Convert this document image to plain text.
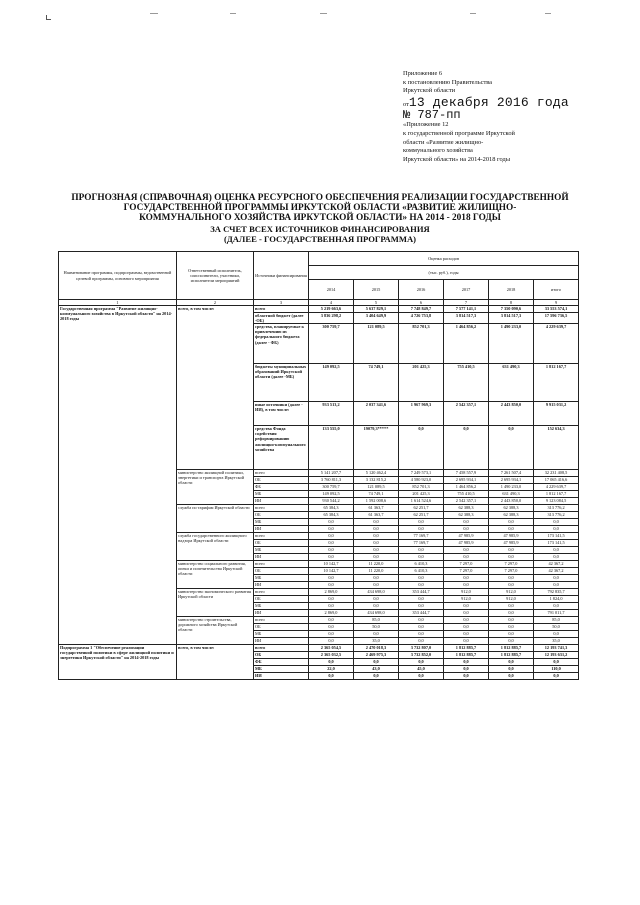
Приложение 6
к постановлению Правительства
Иркутской области
от13 декабря 2016 года
№ 787-пп
«Приложение 12
к государственной программе Иркутской
области «Развитие жилищно-
коммунального хозяйства
Иркутской области» на 2014-2018 годы
ПРОГНОЗНАЯ (СПРАВОЧНАЯ) ОЦЕНКА РЕСУРСНОГО ОБЕСПЕЧЕНИЯ РЕАЛИЗАЦИИ ГОСУДАРСТВЕННОЙ
ГОСУДАРСТВЕННОЙ ПРОГРАММЫ ИРКУТСКОЙ ОБЛАСТИ «РАЗВИТИЕ ЖИЛИЩНО-
КОММУНАЛЬНОГО ХОЗЯЙСТВА ИРКУТСКОЙ ОБЛАСТИ» НА 2014 - 2018 ГОДЫ
ЗА СЧЕТ ВСЕХ ИСТОЧНИКОВ ФИНАНСИРОВАНИЯ
(ДАЛЕЕ - ГОСУДАРСТВЕННАЯ ПРОГРАММА)
Наименование программы, подпрограммы, ведомственной целевой программы, основного мероприятия	Ответственный исполнитель, соисполнители, участники, исполнители мероприятий	Источники финансирования	Оценка расходов					
			(тыс. руб.), годы					
			2014	2015	2016	2017	2018	итого
1	2	3	4	5	6	7	8	9
Государственная программа "Развитие жилищно-коммунального хозяйства в Иркутской области" на 2014-2018 годы	всего, в том числе:	всего	5 219 663,6	5 637 829,1	7 748 849,7	7 577 141,1	7 350 090,6	33 553 574,1
		областной бюджет (далее -ОБ)	3 836 298,2	3 404 649,9	4 726 753,8	3 814 517,3	3 814 517,3	17 596 736,5
		средства, планируемые к привлечению из федерального бюджета (далее - ФБ)	300 759,7	121 089,5	852 701,3	1 464 856,2	1 490 233,0	4 229 639,7
		бюджеты муниципальных образований Иркутской области (далее -МБ)	149 092,5	74 749,1	201 425,3	755 410,5	631 490,3	1 812 167,7
		иные источники (далее - ИИ), в том числе:	933 513,2	2 037 341,6	1 967 969,3	2 542 357,1	2 443 850,0	9 915 031,2
		средства Фонда содействия реформированию жилищно-коммунального хозяйства	133 555,0	19079,3*****	0,0	0,0	0,0	152 634,3
	министерство жилищной политики, энергетики и транспорта Иркутской области	всего	5 141 207,7	5 120 462,4	7 249 573,1	7 458 557,9	7 261 507,4	32 231 408,5
		ОБ	3 760 811,3	3 132 815,2	4 580 923,0	2 695 934,1	2 695 934,1	17 065 416,6
		ФБ	300 759,7	121 089,5	852 701,3	1 464 856,2	1 490 233,0	4 229 639,7
		МБ	149 092,5	74 749,1	201 425,3	755 410,5	631 490,3	1 812 167,7
		ИИ	930 544,2	1 592 008,6	1 614 524,6	2 542 357,1	2 443 850,0	9 123 084,5
	служба по тарифам Иркутской области	всего	65 384,3	61 363,7	62 251,7	62 388,3	62 388,3	313 776,2
		ОБ	65 384,3	61 363,7	62 251,7	62 388,3	62 388,3	313 776,2
		МБ	0,0	0,0	0,0	0,0	0,0	0,0
		ИИ	0,0	0,0	0,0	0,0	0,0	0,0
	служба государственного жилищного надзора Иркутской области	всего	0,0	0,0	77 169,7	47 985,9	47 985,9	173 141,5
		ОБ	0,0	0,0	77 169,7	47 985,9	47 985,9	173 141,5
		МБ	0,0	0,0	0,0	0,0	0,0	0,0
		ИИ	0,0	0,0	0,0	0,0	0,0	0,0
	министерство социального развития, опеки и попечительства Иркутской области	всего	10 142,7	11 220,0	6 410,3	7 297,0	7 297,0	42 367,2
		ОБ	10 142,7	11 220,0	6 410,3	7 297,0	7 297,0	42 367,2
		МБ	0,0	0,0	0,0	0,0	0,0	0,0
		ИИ	0,0	0,0	0,0	0,0	0,0	0,0
	министерство экономического развития Иркутской области	всего	2 869,0	434 698,0	353 444,7	912,0	912,0	792 835,7
		ОБ	0,0	0,0	0,0	912,0	912,0	1 824,0
		МБ	0,0	0,0	0,0	0,0	0,0	0,0
		ИИ	2 869,0	434 698,0	353 444,7	0,0	0,0	791 011,7
	министерство строительства, дорожного хозяйства Иркутской области	всего	0,0	85,0	0,0	0,0	0,0	85,0
		ОБ	0,0	50,0	0,0	0,0	0,0	50,0
		МБ	0,0	0,0	0,0	0,0	0,0	0,0
		ИИ	0,0	35,0	0,0	0,0	0,0	35,0
Подпрограмма 1 "Обеспечение реализации государственной политики в сфере жилищной политики и энергетики Иркутской области" на 2014-2018 годы	всего, в том числе:	всего	2 365 054,5	2 470 018,3	3 732 807,0	1 812 885,7	1 812 885,7	12 193 741,3
		ОБ	2 365 032,5	2 469 975,3	3 732 852,0	1 812 885,7	1 812 885,7	12 193 631,2
		ФБ	0,0	0,0	0,0	0,0	0,0	0,0
		МБ	22,0	43,0	45,0	0,0	0,0	110,0
		ИИ	0,0	0,0	0,0	0,0	0,0	0,0
